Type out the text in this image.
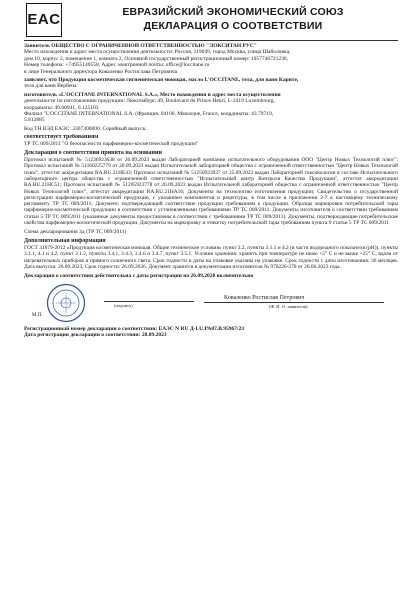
EAC	ЕВРАЗИЙСКИЙ ЭКОНОМИЧЕСКИЙ СОЮЗ
ДЕКЛАРАЦИЯ О СООТВЕТСТВИИ

Заявитель ОБЩЕСТВО С ОГРАНИЧЕННОЙ ОТВЕТСТВЕННОСТЬЮ "ЛОКСИТАН РУС"

Место нахождения и адрес места осуществления деятельности: Россия, 119049, город Москва, улица Шаболовка,

дом 10, корпус 2, помещение 1, комната 2, Основной государственный регистрационный номер: 1057746721230,

Номер телефона: +74955140558, Адрес электронной почты: office@loccitane.ru

в лице Генерального директора Коваленко Ростислава Петровича

заявляет, что Продукция косметическая гигиеническая моющая, масло L'OCCITANE, тела, для ванн Карите,

тела для ванн Вербена

изготовитель «L'OCCITANE INTERNATIONAL S.A.», Место нахождения и адрес места осуществления

деятельности по изготовлению продукции: Люксембург, 49, Boulevard du Prince Henri, L-2419 Luxembourg,

координаты: 49.60941, 6.125103

Филиал "L'OCCITANE INTERNATIONAL S.A. (Франция, 04100, Manosque, France, координаты: 43.79719,

5.813885

Код ТН ВЭД ЕАЭС: 3307300000. Серийный выпуск.

соответствует требованиям

ТР ТС 009/2011 "О безопасности парфюмерно-косметической продукции"

Декларация о соответствии принята на основании

Протокол испытаний № 51236923638 от 26.09.2023 выдан Лабораторией компании испытательного оборудования ООО "Центр Новых Технологий плюс"; Протокол испытаний № 51160225779 от 20.09.2023 выдан Испытательной лабораторией общества с ограниченной ответственностью "Центр Новых Технологий плюс", аттестат аккредитации RA.RU.21НЕ43; Протокол испытаний № 51250923937 от 25.09.2023 выдан Лабораторией токсикологии в составе Испытательного лабораторного центра общества с ограниченной ответственностью "Испытательный центр Контроля Качества Продукции", аттестат аккредитации RA.RU.21НС51; Протокол испытаний № 51205923778 от 20.09.2023 выдан Испытательной лабораторией общества с ограниченной ответственностью "Центр Новых Технологий плюс", аттестат аккредитации RA.RU.21НА16; Документы на технологию изготовления продукции; Свидетельство о государственной регистрации парфюмерно-косметической продукции, с указанием компонентов и рецептуры, в том числе в приложении 2-7 к настоящему техническому регламенту ТР ТС 009/2011; Документ, подтверждающий соответствие продукции требованиям к продукции. Образцы маркировки потребительской тары парфюмерно-косметической продукции в соответствии с установленными требованиями ТР ТС 009/2011. Документы изготовителя о соответствии требованиям статьи 5 ТР ТС 009/2011 (указанные документы предоставлены в соответствии с требованиями ТР ТС 009/2011). Документы, подтверждающие потребительские свойства парфюмерно-косметической продукции. Документы на маркировку и этикетку потребительской тары требованиям пункта 9 статьи 5 ТР ТС 009/2011

Схема декларирования 3д (ТР ТС 009/2011)

Дополнительная информация

ГОСТ 31679-2012 «Продукция косметическая моющая. Общие технические условия» пункт 3.2, пункты 3.1.1 и 4.2 (в части водородного показателя (pH)), пункты 3.1.1, 4.1 и 4.2, пункт 3.1.2, пункты 3.4.1, 3.4.3, 3.4.6 и 3.4.7, пункт 3.5.1. Условия хранения: хранить при температуре не ниже +5° С и не выше +25° С, вдали от нагревательных приборов и прямого солнечного света. Срок годности и даты на упаковке указаны на упаковке. Срок годности с даты изготовления: 36 месяцев. Дата выпуска: 26.09.2023, Срок годности: 26.09.2026. Документ хранится в документации изготовителя № 978226-270 от 26.06.2023 года.

Декларация о соответствии действительна с даты регистрации по 26.09.2028 включительно

(подпись)
Коваленко Ростислав Петрович
(Ф. И. О. заявителя)
М.П.

Регистрационный номер декларации о соответствии: ЕАЭС N RU Д-LU.PA07.В.95967/23

Дата регистрации декларации о соответствии: 28.09.2023
